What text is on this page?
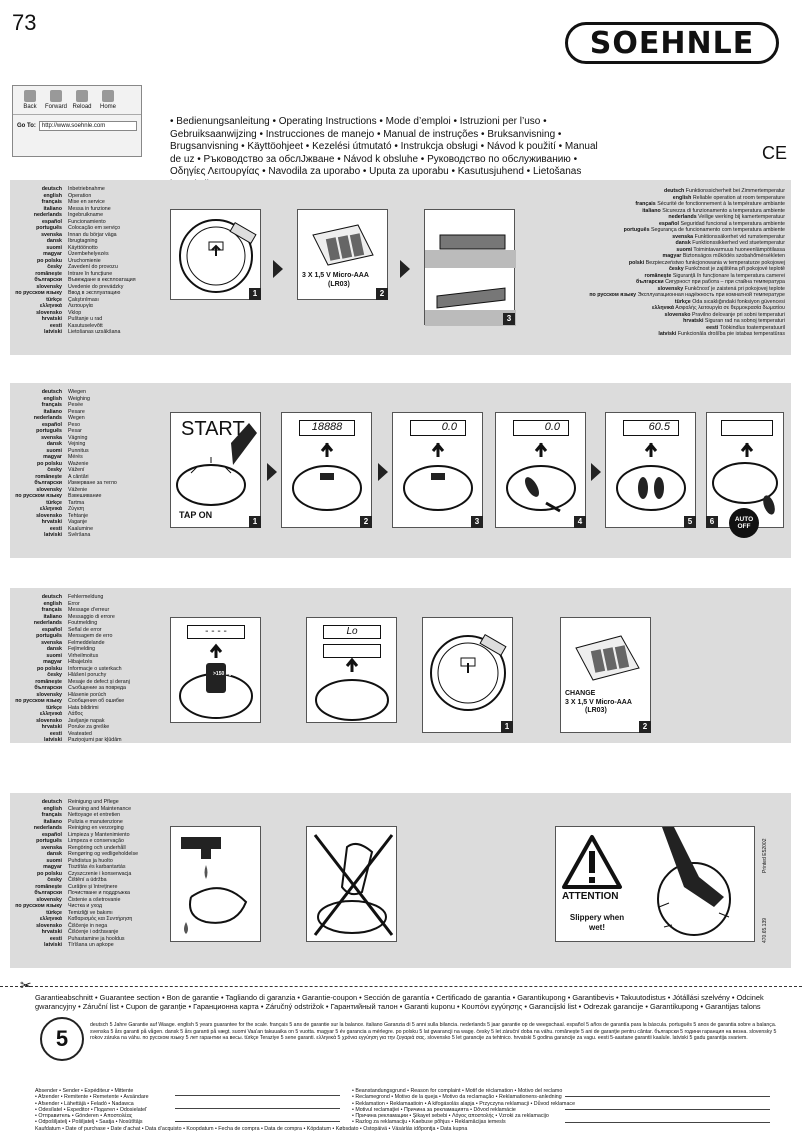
73
SOEHNLE
Back Forward Reload Home
Go To:	http://www.soehnle.com	• Bedienungsanleitung • Operating Instructions • Mode d’emploi • Istruzioni per l’uso • Gebruiksaanwijzing • Instrucciones de manejo • Manual de instruções • Bruksanvisning • Brugsanvisning • Käyttöohjeet • Kezelési útmutató • Instrukcja obsługi • Návod k použití • Manual de uz • Ръководство за обслЈжване • Návod k obsluhe • Руководство по обслуживанию • Οδηγίες Λειτουργίας • Navodila za uporabo • Uputa za uporabu • Kasutusjuhend • Lietošanas
CE
deutsch	Inbetriebnahme
english	Operation
français	Mise en service
italiano	Messa in funzione
nederlands	Ingebruikname
español	Funcionamiento
português	Colocação em serviço
svenska	Innan du börjar väga
dansk	Ibrugtagning
suomi	Käyttöönotto
magyar	Üzembehelyezés
po polsku	Uruchomienie
česky	Zavedení do provozu
românește	Intrare în funcțiune
български	Въвеждане в експлоатация
slovensky	Uvedenie do prevádzky
по русском языку	Ввод в эксплуатацию
türkçe	Çalıştırılması
ελληνικά	Λειτουργία
slovensko	Vklop
hrvatski	Puštanje u rad
eesti	Kasutuselevõtt
latviski	Lietošanas uzsākšana
1
3 X 1,5 V Micro-AAA
(LR03)
2
3
deutsch Funktionssicherheit bei Zimmertemperatur
english Reliable operation at room temperature
français Sécurité de fonctionnement à la température ambiante
italiano Sicurezza di funzionamento a temperatura ambiente
nederlands Veilige werking bij kamertemperatuur
español Seguridad funcional a temperatura ambiente
português Segurança de funcionamento com temperatura ambiente
svenska Funktionssäkerhet vid rumstemperatur
dansk Funktionssikkerhed ved stuetemperatur
suomi Toimintavarmuus huoneenlämpötilassa
magyar Biztonságos működés szobahőmérsékleten
polski Bezpieczeństwo funkcjonowania w temperaturze pokojowej
česky Funkčnost je zajištěna při pokojové teplotě
românește Siguranţă în funcționare la temperatura camerei
български Сигурност при работа – при стайна температура
slovensky Funkčnosť je zaistená pri pokojovej teplote
по русском языку Эксплуатационная надёжность при комнатной температуре
türkçe Oda sıcaklığındaki fonksiyon güvencesi
ελληνικά Ασφαλής λειτουργία σε θερμοκρασία δωματίου
slovensko Pravilno delovanje pri sobni temperaturi
hrvatski Siguran rad na sobnoj temperaturi
eesti Töökindlus toatemperatuuril
latviski Funkcionāla drošība pie istabas temperatūras
deutsch	Wiegen
english	Weighing
français	Pesée
italiano	Pesare
nederlands	Wegen
español	Peso
português	Pesar
svenska	Vägning
dansk	Vejning
suomi	Punnitus
magyar	Mérés
po polsku	Ważenie
česky	Vážení
românește	A cântări
български	Измерване за тегло
slovensky	Váženie
по русском языку	Взвешивание
türkçe	Tartma
ελληνικά	Ζύγιση
slovensko	Tehtanje
hrvatski	Vaganje
eesti	Kaalumine
latviski	Svēršana
START
TAP ON
1
18888
2
0.0
3
0.0
4
60.5
5	AUTO
OFF
6
deutsch	Fehlermeldung
english	Error
français	Message d’erreur
italiano	Messaggio di errore
nederlands	Foutmelding
español	Señal de error
português	Mensagem de erro
svenska	Felmeddelande
dansk	Fejlmelding
suomi	Virheilmoitus
magyar	Hibajelzés
po polsku	Informacje o usterkach
česky	Hlášení poruchy
românește	Mesaje de defect și deranj
български	Съобщение за повреда
slovensky	Hlásenie porúch
по русском языку	Сообщения об ошибке
türkçe	Hata bildirimi
ελληνικά	Λάθος
slovensko	Javljanje napak
hrvatski	Poruke za greške
eesti	Veateated
latviski	Paziņojumi par kļūdām
- - - -
>150 kg
Lo
1
CHANGE
3 X 1,5 V Micro-AAA
(LR03)
2
deutsch	Reinigung und Pflege
english	Cleaning and Maintenance
français	Nettoyage et entretien
italiano	Pulizia e manutenzione
nederlands	Reiniging en verzorging
español	Limpieza y Mantenimiento
português	Limpeza e conservação
svenska	Rengöring och underhåll
dansk	Rengøring og vedligeholdelse
suomi	Puhdistus ja huolto
magyar	Tisztítás és karbantartás
po polsku	Czyszczenie i konserwacja
česky	Čištění a údržba
românește	Curățire și întreținere
български	Почистване и поддръжка
slovensky	Čistenie a ošetrovanie
по русском языку	Чистка и уход
türkçe	Temizliği ve bakımı
ελληνικά	Καθαρισμός και Συντήρηση
slovensko	Čiščenje in nega
hrvatski	Čišćenje i održavanje
eesti	Puhastamine ja hooldus
latviski	Tīrīšana un apkope
ATTENTION
Slippery when wet!
Printed E52002
470.65.139
✂
Garantieabschnitt • Guarantee section • Bon de garantie • Tagliando di garanzia • Garantie-coupon • Sección de garantía • Certificado de garantia • Garantikupong • Garantibevis • Takuutodistus • Jótállási szelvény • Odcinek gwarancyjny • Záruční list • Cupon de garanţie • Гаранционна карта • Záručný odstrižok • Гарантийный талон • Garanti kuponu • Κουπόνι εγγύησης • Garancijski list • Odrezak garancije • Garantikupong • Garantijas talons
5
deutsch 5 Jahre Garantie auf Waage. english 5 years guarantee for the scale. français 5 ans de garantie sur la balance. italiano Garanzia di 5 anni sulla bilancia. nederlands 5 jaar garantie op de weegschaal. español 5 años de garantía para la báscula. português 5 anos de garantia sobre a balança. svenska 5 års garanti på vågen. dansk 5 års garanti på vægt. suomi Vaa'an takuuaika on 5 vuotta. magyar 5 év garancia a mérlegre. po polsku 5 lat gwarancji na wagę. česky 5 let záruční doba na váhu. românește 5 ani de garanţie pentru cântar. български 5 години гаранция на везна. slovensky 5 rokov záruka na váhu. по русском языку 5 лет гарантии на весы. türkçe Teraziye 5 sene garanti. ελληνικά 5 χρόνια εγγύηση για την ζυγαριά σας. slovensko 5 let garancije za tehtnico. hrvatski 5 godina garancije za vagu. eesti 5-aastane garantii kaalule. latviski 5 gadu garantija svariem.
Absender • Sender • Expéditeur • Mittente
• Afzender • Remitente • Remetente • Avsändare
• Afsender • Lähettäjä • Feladó • Nadawca
• Odesílatel • Expeditor • Подател • Odosielateľ
• Отправитель • Gönderen • Αποστολέας
• Odpošiljatelj • Pošiljatelj • Saatja • Nosūtītājs
• Beanstandungsgrund • Reason for complaint • Motif de réclamation • Motivo del reclamo
• Reclamegrond • Motivo de la queja • Motivo da reclamação • Reklamationens-anledning
• Reklamation • Reklamaatioin • A kifogásolás alapja • Przyczyna reklamacji • Důvod reklamace
• Motivul reclamaţiei • Причина за рекламацията • Dôvod reklamácie
• Причина рекламации • Şikayet sebebi • Λόγος αποστολής • Vzroki za reklamacijo
• Razlog za reklamaciju • Kaebuse põhjus • Reklamācijas iemesls
Kaufdatum • Date of purchase • Date d’achat • Data d’acquisto • Koopdatum • Fecha de compra • Data de compra • Köpdatum • Købsdato • Ostopäivä • Vásárlás időpontja • Data kupna
